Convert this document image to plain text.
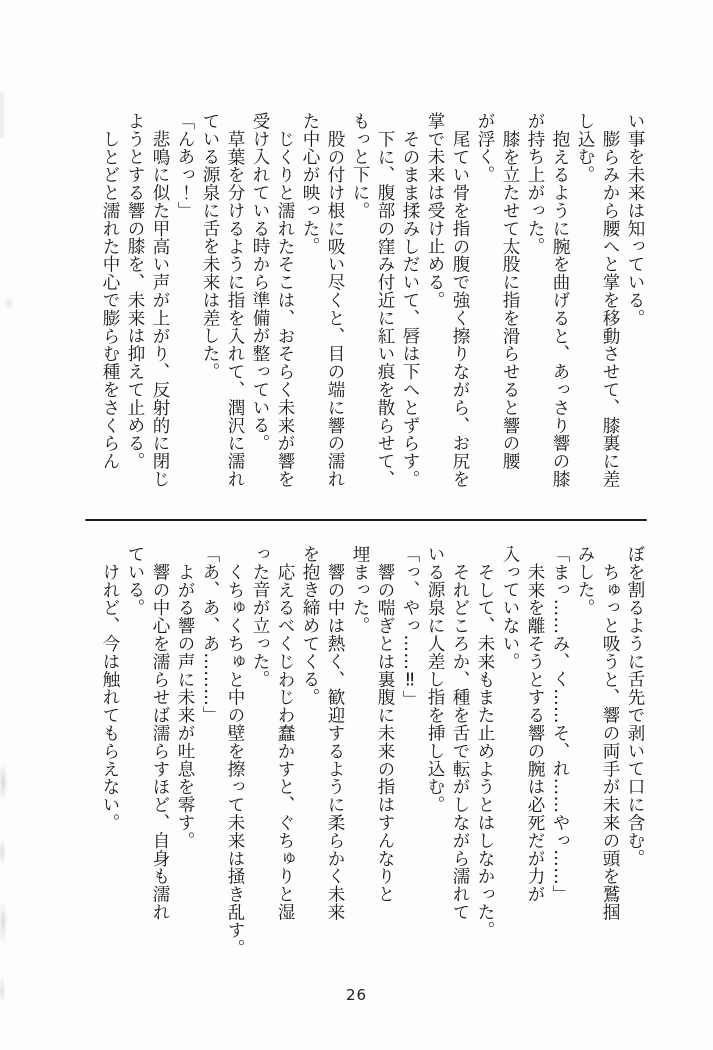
い事を未来は知っている。
膨らみから腰へと掌を移動させて、膝裏に差
し込む。
抱えるように腕を曲げると、あっさり響の膝
が持ち上がった。
膝を立たせて太股に指を滑らせると響の腰
が浮く。
尾てい骨を指の腹で強く擦りながら、お尻を
掌で未来は受け止める。
そのまま揉みしだいて、唇は下へとずらす。
下に、腹部の窪み付近に紅い痕を散らせて、
もっと下に。
股の付け根に吸い尽くと、目の端に響の濡れ
た中心が映った。
じくりと濡れたそこは、おそらく未来が響を
受け入れている時から準備が整っている。
草葉を分けるように指を入れて、潤沢に濡れ
ている源泉に舌を未来は差した。
「んあっ！」
悲鳴に似た甲高い声が上がり、反射的に閉じ
ようとする響の膝を、未来は抑えて止める。
しとどと濡れた中心で膨らむ種をさくらん
ぼを割るように舌先で剥いて口に含む。
ちゅっと吸うと、響の両手が未来の頭を鷲掴
みした。
「まっ……み、く……そ、れ……やっ……」
未来を離そうとする響の腕は必死だが力が
入っていない。
そして、未来もまた止めようとはしなかった。
それどころか、種を舌で転がしながら濡れて
いる源泉に人差し指を挿し込む。
「っ、やっ……‼」
響の喘ぎとは裏腹に未来の指はすんなりと
埋まった。
響の中は熱く、歓迎するように柔らかく未来
を抱き締めてくる。
応えるべくじわじわ蠢かすと、ぐちゅりと湿
った音が立った。
くちゅくちゅと中の壁を擦って未来は掻き乱す。
「あ、あ、あ………」
よがる響の声に未来が吐息を零す。
響の中心を濡らせば濡らすほど、自身も濡れ
ている。
けれど、今は触れてもらえない。
26
